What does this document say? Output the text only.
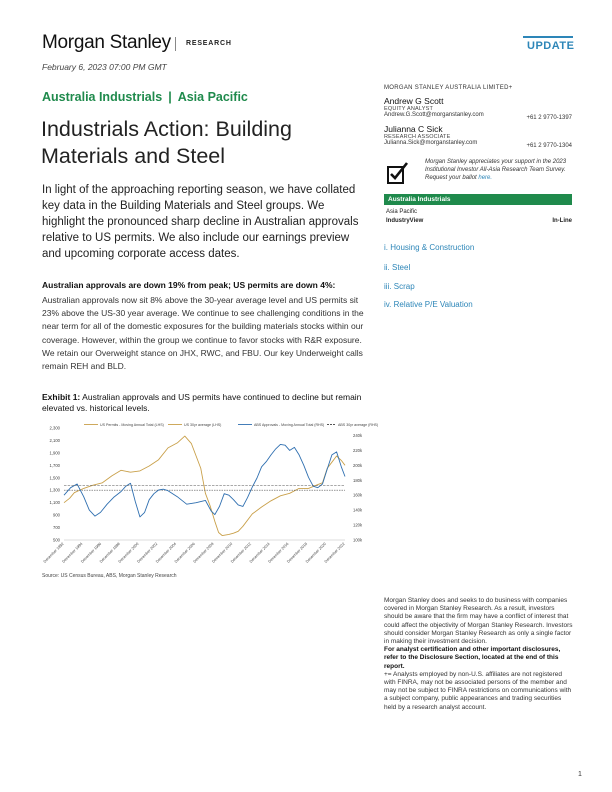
Morgan Stanley RESEARCH	UPDATE
February 6, 2023 07:00 PM GMT
Australia Industrials | Asia Pacific
Industrials Action: Building Materials and Steel
In light of the approaching reporting season, we have collated key data in the Building Materials and Steel groups. We highlight the pronounced sharp decline in Australian approvals relative to US permits. We also include our earnings preview and upcoming corporate access dates.
Australian approvals are down 19% from peak; US permits are down 4%:
Australian approvals now sit 8% above the 30-year average level and US permits sit 23% above the US-30 year average. We continue to see challenging conditions in the near term for all of the domestic exposures for the building materials stocks within our coverage. However, within the group we continue to favor stocks with R&R exposure. We retain our Overweight stance on JHX, RWC, and FBU. Our key Underweight calls remain REH and BLD.
Exhibit 1: Australian approvals and US permits have continued to decline but remain elevated vs. historical levels.
500
700
900
1,100
1,300
1,500
1,700
1,900
2,100
2,300
100k
120k
140k
160k
180k
200k
220k
240k
December 1992
December 1994
December 1996
December 1998
December 2000
December 2002
December 2004
December 2006
December 2008
December 2010
December 2012
December 2014
December 2016
December 2018
December 2020
December 2022
US Permits - Moving Annual Total (LHS)	US 30yr average (LHS)	ABS Approvals - Moving Annual Total (RHS)	ABS 30yr average (RHS)
Source: US Census Bureau, ABS, Morgan Stanley Research
MORGAN STANLEY AUSTRALIA LIMITED+
Andrew G Scott
EQUITY ANALYST
Andrew.G.Scott@morganstanley.com	+61 2 9770-1397
Julianna C Sick
RESEARCH ASSOCIATE
Julianna.Sick@morganstanley.com	+61 2 9770-1304
Morgan Stanley appreciates your support in the 2023 Institutional Investor All-Asia Research Team Survey. Request your ballot here.
Australia Industrials
Asia Pacific
IndustryView	In-Line
i. Housing & Construction
ii. Steel
iii. Scrap
iv. Relative P/E Valuation
Morgan Stanley does and seeks to do business with companies covered in Morgan Stanley Research. As a result, investors should be aware that the firm may have a conflict of interest that could affect the objectivity of Morgan Stanley Research. Investors should consider Morgan Stanley Research as only a single factor in making their investment decision.
For analyst certification and other important disclosures, refer to the Disclosure Section, located at the end of this report.
+= Analysts employed by non-U.S. affiliates are not registered with FINRA, may not be associated persons of the member and may not be subject to FINRA restrictions on communications with a subject company, public appearances and trading securities held by a research analyst account.
1
